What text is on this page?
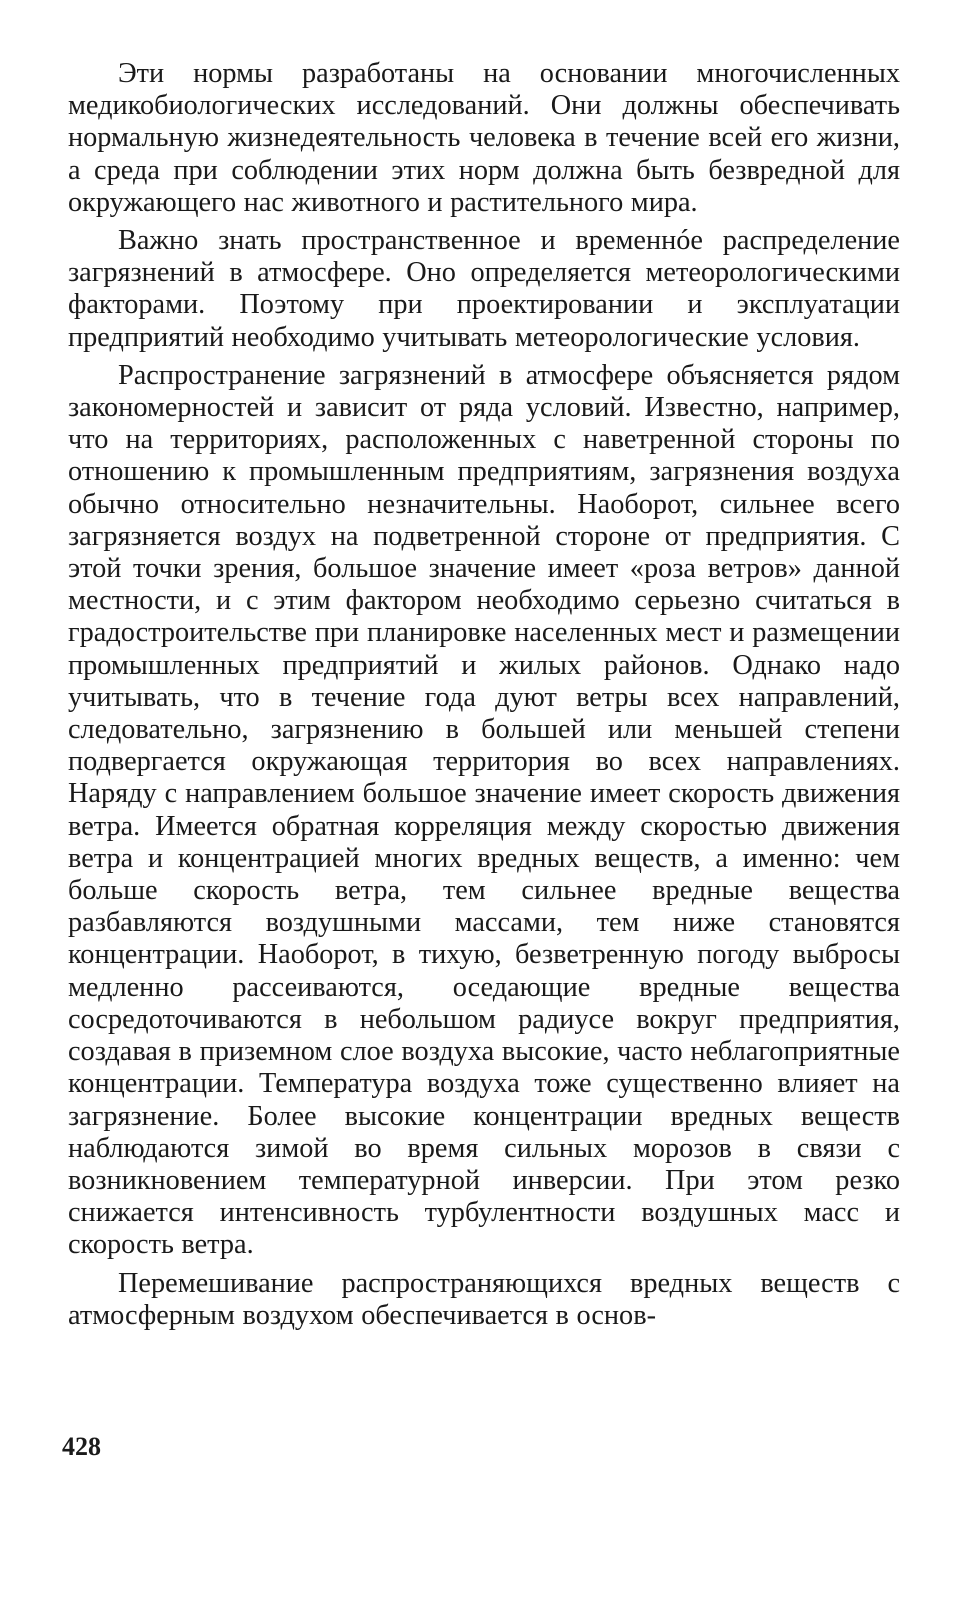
Эти нормы разработаны на основании многочисленных медикобиологических исследований. Они должны обеспечивать нормальную жизнедеятельность человека в течение всей его жизни, а среда при соблюдении этих норм должна быть безвредной для окружающего нас животного и растительного мира.

Важно знать пространственное и временнóе распределение загрязнений в атмосфере. Оно определяется метеорологическими факторами. Поэтому при проектировании и эксплуатации предприятий необходимо учитывать метеорологические условия.

Распространение загрязнений в атмосфере объясняется рядом закономерностей и зависит от ряда условий. Известно, например, что на территориях, расположенных с наветренной стороны по отношению к промышленным предприятиям, загрязнения воздуха обычно относительно незначительны. Наоборот, сильнее всего загрязняется воздух на подветренной стороне от предприятия. С этой точки зрения, большое значение имеет «роза ветров» данной местности, и с этим фактором необходимо серьезно считаться в градостроительстве при планировке населенных мест и размещении промышленных предприятий и жилых районов. Однако надо учитывать, что в течение года дуют ветры всех направлений, следовательно, загрязнению в большей или меньшей степени подвергается окружающая территория во всех направлениях. Наряду с направлением большое значение имеет скорость движения ветра. Имеется обратная корреляция между скоростью движения ветра и концентрацией многих вредных веществ, а именно: чем больше скорость ветра, тем сильнее вредные вещества разбавляются воздушными массами, тем ниже становятся концентрации. Наоборот, в тихую, безветренную погоду выбросы медленно рассеиваются, оседающие вредные вещества сосредоточиваются в небольшом радиусе вокруг предприятия, создавая в приземном слое воздуха высокие, часто неблагоприятные концентрации. Температура воздуха тоже существенно влияет на загрязнение. Более высокие концентрации вредных веществ наблюдаются зимой во время сильных морозов в связи с возникновением температурной инверсии. При этом резко снижается интенсивность турбулентности воздушных масс и скорость ветра.

Перемешивание распространяющихся вредных веществ с атмосферным воздухом обеспечивается в основ-

428
